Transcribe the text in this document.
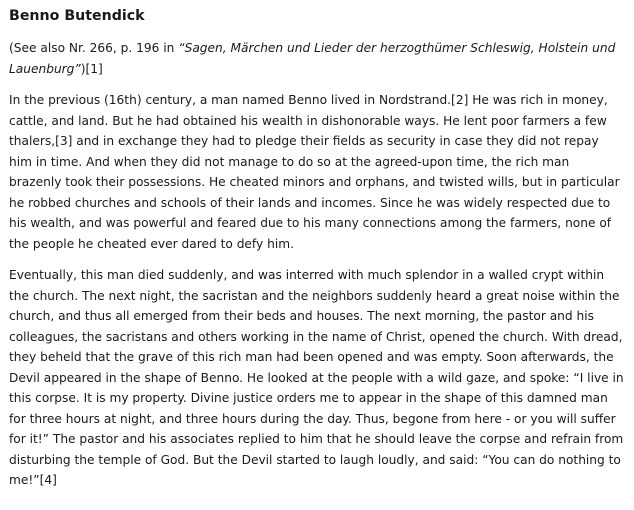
Benno Butendick

(See also Nr. 266, p. 196 in “Sagen, Märchen und Lieder der herzogthümer Schleswig, Holstein und Lauenburg”)[1]

In the previous (16th) century, a man named Benno lived in Nordstrand.[2] He was rich in money, cattle, and land. But he had obtained his wealth in dishonorable ways. He lent poor farmers a few thalers,[3] and in exchange they had to pledge their fields as security in case they did not repay him in time. And when they did not manage to do so at the agreed-upon time, the rich man brazenly took their possessions. He cheated minors and orphans, and twisted wills, but in particular he robbed churches and schools of their lands and incomes. Since he was widely respected due to his wealth, and was powerful and feared due to his many connections among the farmers, none of the people he cheated ever dared to defy him.

Eventually, this man died suddenly, and was interred with much splendor in a walled crypt within the church. The next night, the sacristan and the neighbors suddenly heard a great noise within the church, and thus all emerged from their beds and houses. The next morning, the pastor and his colleagues, the sacristans and others working in the name of Christ, opened the church. With dread, they beheld that the grave of this rich man had been opened and was empty. Soon afterwards, the Devil appeared in the shape of Benno. He looked at the people with a wild gaze, and spoke: “I live in this corpse. It is my property. Divine justice orders me to appear in the shape of this damned man for three hours at night, and three hours during the day. Thus, begone from here - or you will suffer for it!” The pastor and his associates replied to him that he should leave the corpse and refrain from disturbing the temple of God. But the Devil started to laugh loudly, and said: “You can do nothing to me!”[4]
